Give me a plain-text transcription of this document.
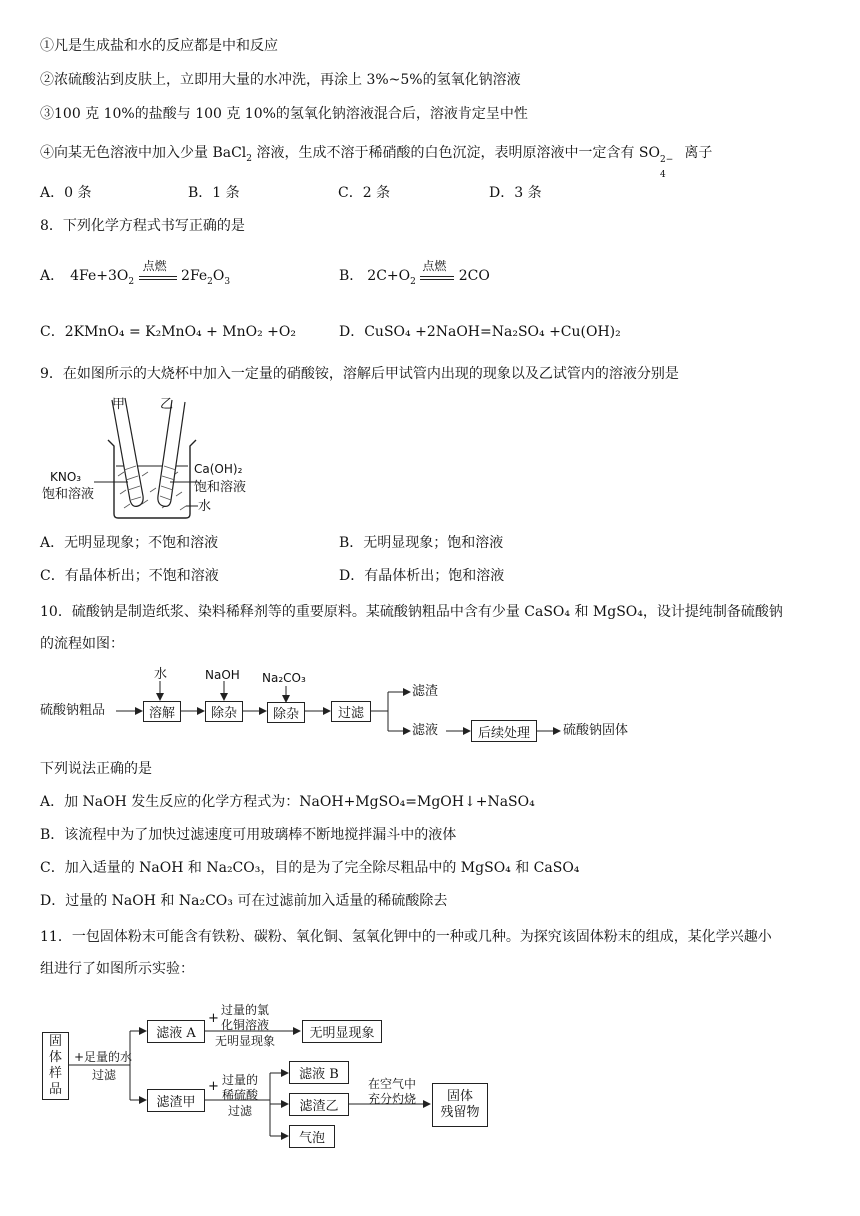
①凡是生成盐和水的反应都是中和反应
②浓硫酸沾到皮肤上，立即用大量的水冲洗，再涂上 3%~5%的氢氧化钠溶液
③100 克 10%的盐酸与 100 克 10%的氢氧化钠溶液混合后，溶液肯定呈中性
④向某无色溶液中加入少量 BaCl$_2$ 溶液，生成不溶于稀硝酸的白色沉淀，表明原溶液中一定含有 SO 2−
4
离子
A．0 条	B．1 条	C．2 条	D．3 条
8．下列化学方程式书写正确的是
A． $4Fe+3O_2$
点燃
$2Fe_2O_3$	B． $2C+O_2$
点燃
2CO
C．2KMnO₄ = K₂MnO₄ + MnO₂ +O₂	D．CuSO₄ +2NaOH=Na₂SO₄ +Cu(OH)₂
9．在如图所示的大烧杯中加入一定量的硝酸铵，溶解后甲试管内出现的现象以及乙试管内的溶液分别是
甲	乙
KNO₃
饱和溶液
Ca(OH)₂
饱和溶液
水
A．无明显现象；不饱和溶液	B．无明显现象；饱和溶液
C．有晶体析出；不饱和溶液	D．有晶体析出；饱和溶液
10．硫酸钠是制造纸浆、染料稀释剂等的重要原料。某硫酸钠粗品中含有少量 CaSO₄ 和 MgSO₄，设计提纯制备硫酸钠
的流程如图：
硫酸钠粗品
水
溶解
NaOH
除杂
Na₂CO₃
除杂	过滤
滤渣
滤液	后续处理	硫酸钠固体
下列说法正确的是
A．加 NaOH 发生反应的化学方程式为：NaOH+MgSO₄=MgOH↓+NaSO₄
B．该流程中为了加快过滤速度可用玻璃棒不断地搅拌漏斗中的液体
C．加入适量的 NaOH 和 Na₂CO₃，目的是为了完全除尽粗品中的 MgSO₄ 和 CaSO₄
D．过量的 NaOH 和 Na₂CO₃ 可在过滤前加入适量的稀硫酸除去
11．一包固体粉末可能含有铁粉、碳粉、氧化铜、氢氧化钾中的一种或几种。为探究该固体粉末的组成，某化学兴趣小
组进行了如图所示实验：
固体样品
+足量的水
过滤
滤液 A
+
过量的氯
化铜溶液
无明显现象	无明显现象
滤渣甲
+ 过量的
稀硫酸
过滤
滤液 B
滤渣乙
气泡
在空气中
充分灼烧 固体
残留物
